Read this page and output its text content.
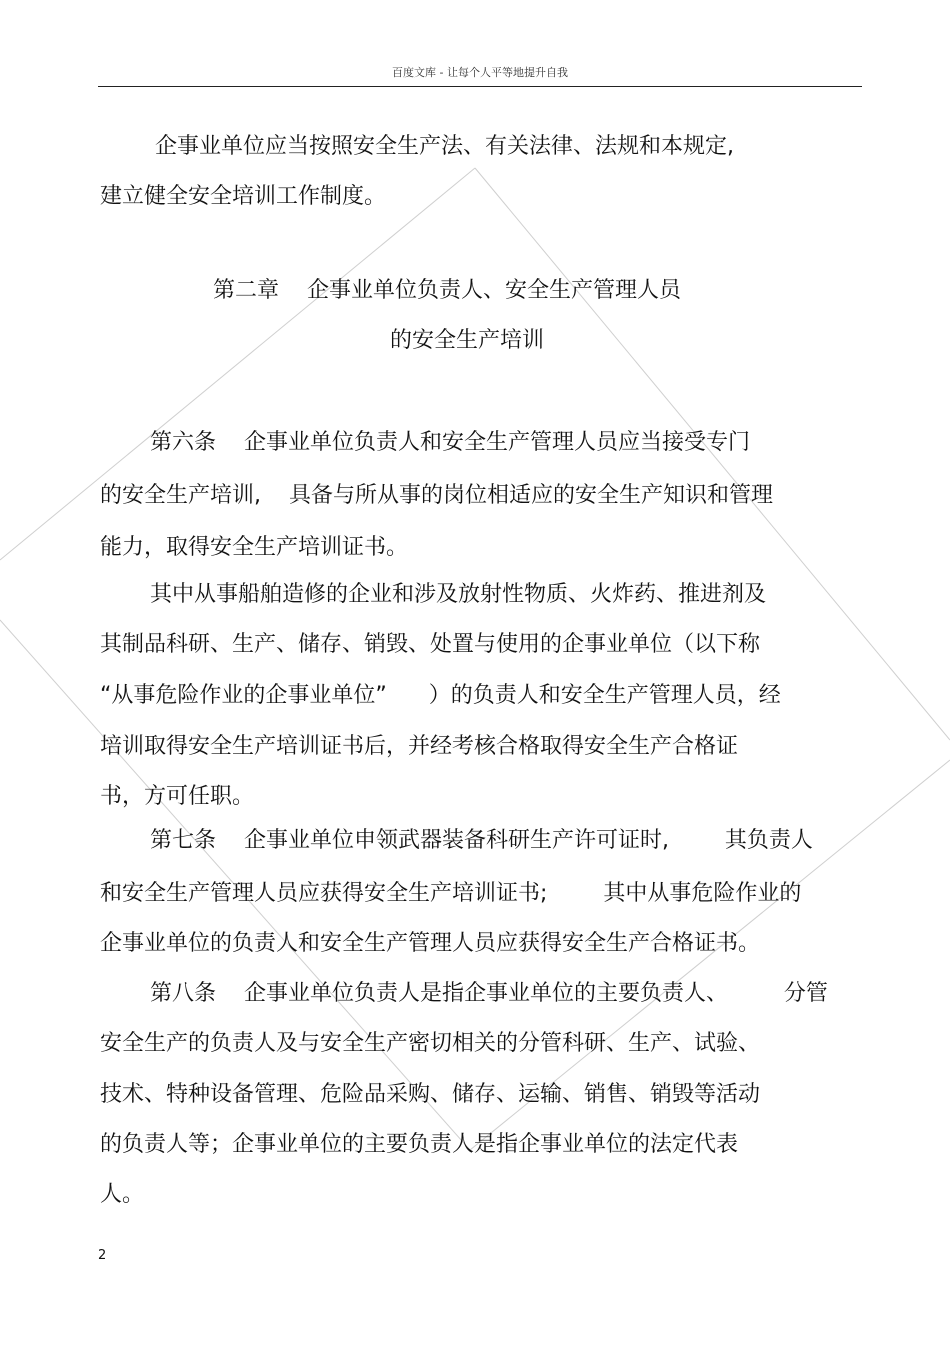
百度文库 - 让每个人平等地提升自我
企事业单位应当按照安全生产法、有关法律、法规和本规定,
建立健全安全培训工作制度。
第二章    企事业单位负责人、安全生产管理人员
的安全生产培训
第六条    企事业单位负责人和安全生产管理人员应当接受专门
的安全生产培训,    具备与所从事的岗位相适应的安全生产知识和管理
能力，取得安全生产培训证书。
其中从事船舶造修的企业和涉及放射性物质、火炸药、推进剂及
其制品科研、生产、储存、销毁、处置与使用的企事业单位（以下称
“从事危险作业的企事业单位”      ）的负责人和安全生产管理人员，经
培训取得安全生产培训证书后，并经考核合格取得安全生产合格证
书，方可任职。
第七条    企事业单位申领武器装备科研生产许可证时,        其负责人
和安全生产管理人员应获得安全生产培训证书;        其中从事危险作业的
企事业单位的负责人和安全生产管理人员应获得安全生产合格证书。
第八条    企事业单位负责人是指企事业单位的主要负责人、        分管
安全生产的负责人及与安全生产密切相关的分管科研、生产、试验、
技术、特种设备管理、危险品采购、储存、运输、销售、销毁等活动
的负责人等；企事业单位的主要负责人是指企事业单位的法定代表
人。
2
